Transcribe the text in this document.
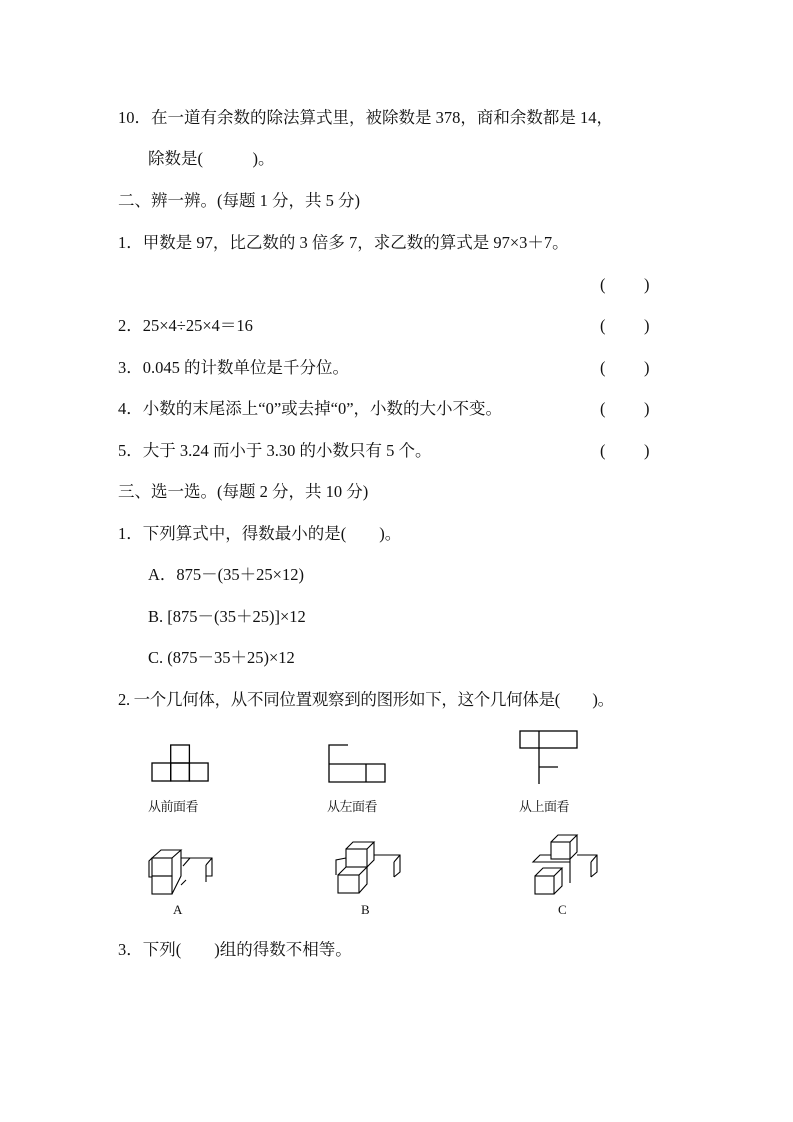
10．在一道有余数的除法算式里，被除数是 378，商和余数都是 14，
除数是(　　　)。
二、辨一辨。(每题 1 分，共 5 分)
1．甲数是 97，比乙数的 3 倍多 7，求乙数的算式是 97×3＋7。
( )
2．25×4÷25×4＝16	( )
3．0.045 的计数单位是千分位。	( )
4．小数的末尾添上“0”或去掉“0”，小数的大小不变。	( )
5．大于 3.24 而小于 3.30 的小数只有 5 个。	( )
三、选一选。(每题 2 分，共 10 分)
1．下列算式中，得数最小的是(　　)。
A．875－(35＋25×12)
B. [875－(35＋25)]×12
C. (875－35＋25)×12
2. 一个几何体，从不同位置观察到的图形如下，这个几何体是(　　)。
从前面看	从左面看	从上面看
A	B	C
3．下列(　　)组的得数不相等。
